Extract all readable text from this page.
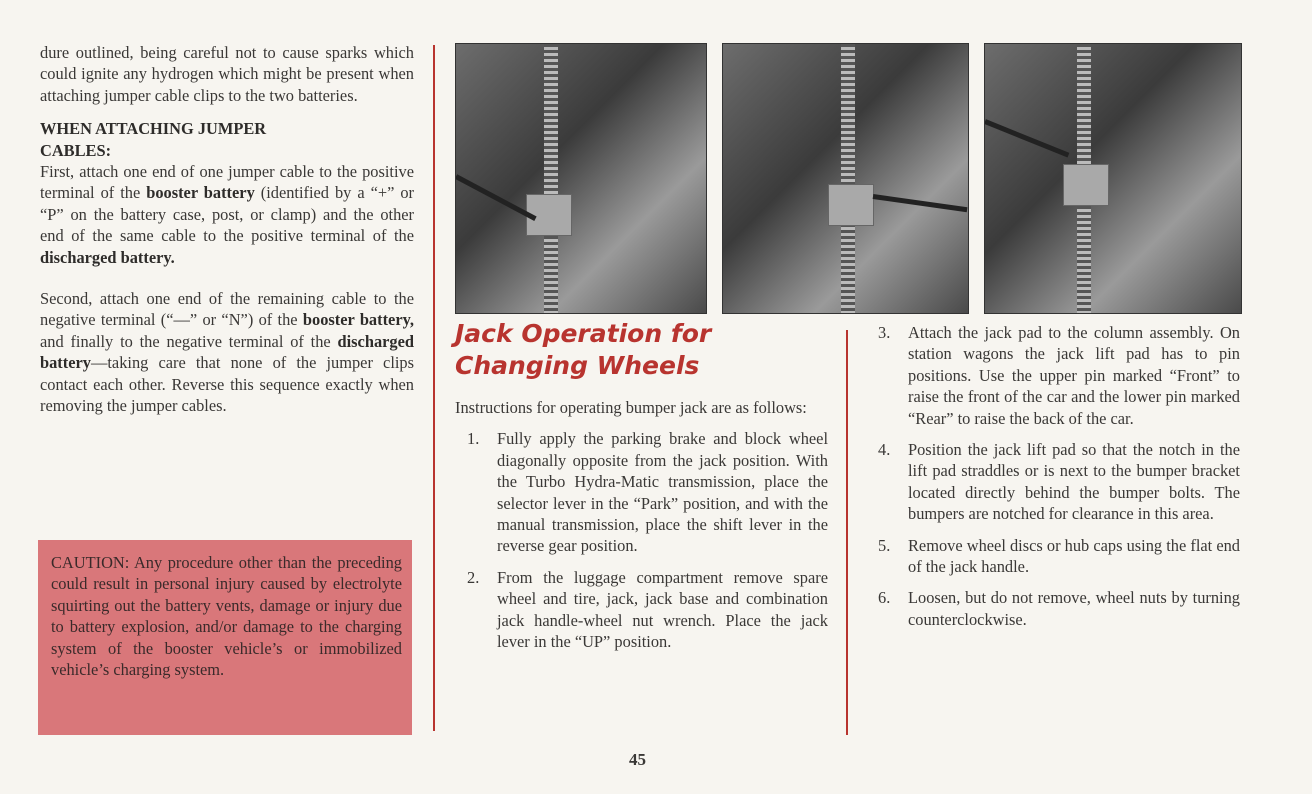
dure outlined, being careful not to cause sparks which could ignite any hydrogen which might be present when attaching jumper cable clips to the two batteries.

WHEN ATTACHING JUMPER CABLES:

First, attach one end of one jumper cable to the positive terminal of the booster battery (identified by a “+” or “P” on the battery case, post, or clamp) and the other end of the same cable to the positive terminal of the discharged battery.

Second, attach one end of the remaining cable to the negative terminal (“—” or “N”) of the booster battery, and finally to the negative terminal of the discharged battery—taking care that none of the jumper clips contact each other. Reverse this sequence exactly when removing the jumper cables.

CAUTION: Any procedure other than the preceding could result in personal injury caused by electrolyte squirting out the battery vents, damage or injury due to battery explosion, and/or damage to the charging system of the booster vehicle’s or immobilized vehicle’s charging system.

Jack Operation for
Changing Wheels

Instructions for operating bumper jack are as follows:

1. Fully apply the parking brake and block wheel diagonally opposite from the jack position. With the Turbo Hydra-Matic transmission, place the selector lever in the “Park” position, and with the manual transmission, place the shift lever in the reverse gear position.
2. From the luggage compartment remove spare wheel and tire, jack, jack base and combination jack handle-wheel nut wrench. Place the jack lever in the “UP” position.
3. Attach the jack pad to the column assembly. On station wagons the jack lift pad has to pin positions. Use the upper pin marked “Front” to raise the front of the car and the lower pin marked “Rear” to raise the back of the car.
4. Position the jack lift pad so that the notch in the lift pad straddles or is next to the bumper bracket located directly behind the bumper bolts. The bumpers are notched for clearance in this area.
5. Remove wheel discs or hub caps using the flat end of the jack handle.
6. Loosen, but do not remove, wheel nuts by turning counterclockwise.
45
